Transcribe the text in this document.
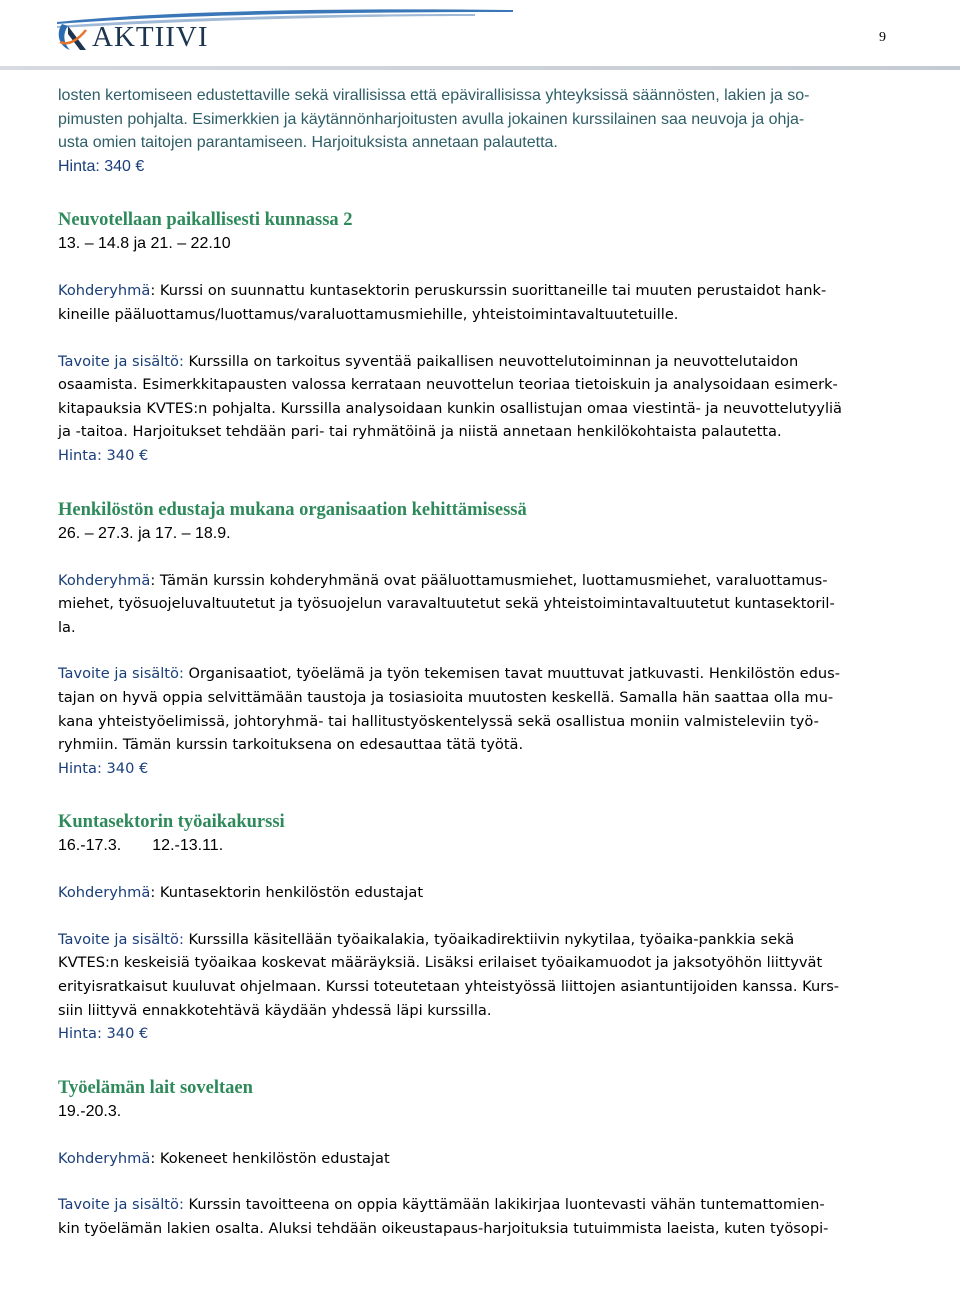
AKTIIVI	9

losten kertomiseen edustettaville sekä virallisissa että epävirallisissa yhteyksissä säännösten, lakien ja so-

pimusten pohjalta. Esimerkkien ja käytännönharjoitusten avulla jokainen kurssilainen saa neuvoja ja ohja-

usta omien taitojen parantamiseen. Harjoituksista annetaan palautetta.

Hinta: 340 €

Neuvotellaan paikallisesti kunnassa 2

13. – 14.8 ja 21. – 22.10

Kohderyhmä: Kurssi on suunnattu kuntasektorin peruskurssin suorittaneille tai muuten perustaidot hank-

kineille pääluottamus/luottamus/varaluottamusmiehille, yhteistoimintavaltuutetuille.

Tavoite ja sisältö: Kurssilla on tarkoitus syventää paikallisen neuvottelutoiminnan ja neuvottelutaidon

osaamista. Esimerkkitapausten valossa kerrataan neuvottelun teoriaa tietoiskuin ja analysoidaan esimerk-

kitapauksia KVTES:n pohjalta. Kurssilla analysoidaan kunkin osallistujan omaa viestintä- ja neuvottelutyyliä

ja -taitoa. Harjoitukset tehdään pari- tai ryhmätöinä ja niistä annetaan henkilökohtaista palautetta.

Hinta: 340 €

Henkilöstön edustaja mukana organisaation kehittämisessä

26. – 27.3. ja 17. – 18.9.

Kohderyhmä: Tämän kurssin kohderyhmänä ovat pääluottamusmiehet, luottamusmiehet, varaluottamus-

miehet, työsuojeluvaltuutetut ja työsuojelun varavaltuutetut sekä yhteistoimintavaltuutetut kuntasektoril-

la.

Tavoite ja sisältö: Organisaatiot, työelämä ja työn tekemisen tavat muuttuvat jatkuvasti. Henkilöstön edus-

tajan on hyvä oppia selvittämään taustoja ja tosiasioita muutosten keskellä. Samalla hän saattaa olla mu-

kana yhteistyöelimissä, johtoryhmä- tai hallitustyöskentelyssä sekä osallistua moniin valmisteleviin työ-

ryhmiin. Tämän kurssin tarkoituksena on edesauttaa tätä työtä.

Hinta: 340 €

Kuntasektorin työaikakurssi

16.-17.3.       12.-13.11.

Kohderyhmä: Kuntasektorin henkilöstön edustajat

Tavoite ja sisältö: Kurssilla käsitellään työaikalakia, työaikadirektiivin nykytilaa, työaika-pankkia sekä

KVTES:n keskeisiä työaikaa koskevat määräyksiä. Lisäksi erilaiset työaikamuodot ja jaksotyöhön liittyvät

erityisratkaisut kuuluvat ohjelmaan. Kurssi toteutetaan yhteistyössä liittojen asiantuntijoiden kanssa. Kurs-

siin liittyvä ennakkotehtävä käydään yhdessä läpi kurssilla.

Hinta: 340 €

Työelämän lait soveltaen

19.-20.3.

Kohderyhmä: Kokeneet henkilöstön edustajat

Tavoite ja sisältö: Kurssin tavoitteena on oppia käyttämään lakikirjaa luontevasti vähän tuntemattomien-

kin työelämän lakien osalta. Aluksi tehdään oikeustapaus-harjoituksia tutuimmista laeista, kuten työsopi-
